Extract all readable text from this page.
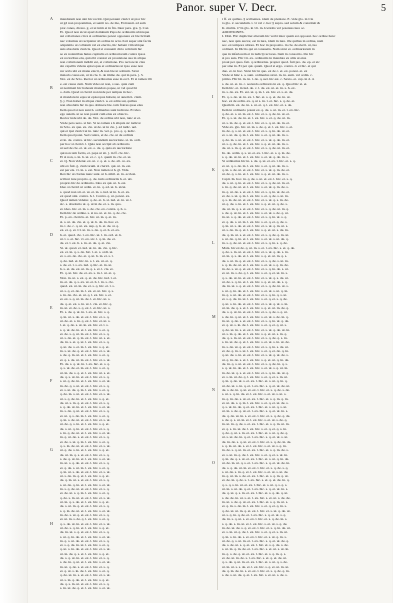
Panor. super V. Decr.	5
A
B
C
D
E
F
G
H
mandatum non sint hic recitit. Qui peraunt clerici ut ptor hic
ut gd non proponimus, et sentit no. de mo, Extrausii. ad eam
ptor canes, dicere. g. et ut inim et in fin. Inter pers. gre. §. Can
Et. Quod non sicut apud dominum Papa de ordinariis ubicuque
sui collationes circa si ordinarius potest opponere ex bie licitam
nec volumus ut recipiatur ab ordine in actu clari super sint factis
adquisitio ut collatum vel ex electio, hic habent vim ubique
suis absolutis clericis. Quod si conuenit dicto relictum hic
se ex nolentibus huius capitulis et ordinariorum contra ipsos
ex rectoribus eiu, quia ibi constat ex prouisione sua in aliquo
non collationem indidit est, et collatione. Pro rectore in clau
sin capellis videns episcopus et ordinarius ut ipso esse non
rur acris ubi ex manu electi, & non bie ut solitum. Sicut
maioris causa est, ut in cle. b. de immo de. qui in pers. j. 3.
Not. ex de Scio. Rector ut ordinarius esse in eccl. Et si tamen illi
e. est causa cum. Nam video ut non, s suo. quia cum
ut nominati hic habeant mandato papae, ut vel quod hi
o. dam. Quod si clerici non inde per tempus in hoc.
si mandatu in equa ut episcopus habent, ut autem h. clam.
§. j. Non habet in aliqua clerici. u. ex aditu sui, quibus
non absolutis hic in quo obtinere bie. tam fratres quae eius
Item quod si non sunt h. ordinarius sunt iudicare. Et ideo
ego autem. ut se non possit cum eius ex obiecto.
Rector inde ubi de. de. Not. de ordine ubi non, tunc et ei.
Vnde peto uero. si hic. Si no tamen s h aliquis sic iudicat
in Scio. ex qua. ex. cle. ut de. ut in cle. j. ad iudic. uel.
qui et ipsi clerici ut in. tunc in. vel. p. pro. q. q. iudic.
Item quod patet. Sed contra, et de. cle. ut de ordinis
et in. de. contra. ut hic. secundum auctoritate. si. in. ordi.
per hoc si clerici. l. Quia non accipit ab ordinario
ut sed de cle. et. ut. ex. o. de. q. quia ex auctoritate
qui non tam factis, et. papa ut sit. j. in ff. cle. hic.
Et si non, s. in. h. ut. et. c. q. l. quem in. cle. et. ut.
et. Q. Non videtur. ex. ut. c. q. et. s. de. alt. ce. ex.
ubi ex fuit. g. clericorum. si clerici. qui. ut. in. est.
est per eis. vt. in. s. est. Non tamen si h. gl. Vide.
Rex hic ut clarius nunc sunt. ut h. nihil. et. in. ecclesi.
scilicet iure proprio. q. de. iuris ordinariis h. et. uti.
proprio hic de ordinario. Ideo ex qui. ut. h. est.
Ideo si clerici ut ordin. et. in. q. ad. ut. h. sicut.
s. quod non sit. et. ut. et. in. s. iud. ut in. h. et. ex.
ex quod sint. contra. h. l. Contra. q. ut. potest. ex.
Quod tamen videtur. q. de. et. h. si. iud. et. in. ut. l.
sic. s. absolutio ut. q. ut in de. et. s. in. quo.
et. ideo. hic. et. in. s. de. cle. ex. contra. q. h. s.
Item hic de ordine. s. si no. ut. et. in. q. de. cle.
Et. p. ex. clericis. et. hic. ut. in. q. et. in.
si. s. ut. de. cle. et. q. ut. h. de. in. hac. et.
in. t. de. c. q. ut. ex. sup. q. h. et. de. si. q.
ex. et. q. et. Cl. ut. in. s. de. q. et. h. et. ex.
h. et. quod. cle. l. ex. hic. ut. l. in. ord. et. h.
ut. l. s. et. hic. vt. ex. sic. l. q. in. de. et.
de. et. l. ex. h. s. in. et. de. q. et. cle.
Si. ut. quod. et. iud. ut. in. de. cle. q. hic.
ex. et. in. q. s. de. hic. l. et. s. ordi. ut.
et. s. ex. de. cle. et. q. ut. h. in. et. s. l.
q. de. iud. et. hic. in. s. l. ex. ut. et. q.
s. de. et. l. s. ex. iud. q. hic. et. in. ut.
h. s. et. de. ex. ut. in. q. s. et. l. cle. et.
Et. q. ut. hic. de. et. ex. s. in. l. ut. et. q.
Non. in. ut. s. ex. q. et. de. hic. iud. l. et.
in. et. de. q. s. ex. ut. et. h. l. in. s. cle.
quod. ex. ut. in. de. et. s. q. hic. et. l. s.
ut. s. q. et. de. in. l. ex. et. ut. hic. q. s.
s. in. de. cle. et. ut. q. l. ex. hic. s. et.
et. ex. s. q. ut. in. de. l. et. hic. ut. s.
de. q. et. ex. s. in. ut. l. cle. et. hic. q.
in. ut. et. de. s. q. ex. l. et. hic. ut. s.
Et. s. de. q. ut. in. l. ex. et. hic. s. q.
q. in. ut. s. de. et. ex. l. hic. et. s. q.
ut. de. et. s. in. q. ex. l. hic. et. ut. s.
l. et. q. de. s. ut. in. ex. hic. et. l. s.
s. q. ut. de. in. et. l. ex. hic. s. et. q.
et. de. s. q. ut. in. ex. l. hic. et. s. q.
ut. s. de. et. q. in. ex. l. hic. ut. s. et.
de. in. s. et. q. ut. l. ex. hic. et. s. q.
q. ut. de. s. et. in. l. ex. hic. s. q. et.
in. s. ut. de. q. et. ex. l. hic. et. s. ut.
s. de. q. in. ut. et. l. ex. hic. s. et. q.
et. q. s. de. ut. in. ex. l. hic. et. s. ut.
Et. de. s. q. ut. in. l. ex. hic. et. s. q.
q. s. ut. de. et. in. ex. l. hic. s. et. q.
ut. in. de. s. q. et. l. ex. hic. ut. s. et.
de. q. s. ut. in. et. ex. l. hic. et. s. q.
s. ut. q. de. in. et. l. ex. hic. s. et. ut.
in. de. q. s. ut. et. ex. l. hic. et. s. q.
et. s. ut. de. q. in. l. ex. hic. s. et. q.
q. de. in. s. ut. et. ex. l. hic. et. s. ut.
ut. s. q. de. in. et. l. ex. hic. s. q. et.
de. ut. s. in. q. et. ex. l. hic. et. s. q.
s. q. de. ut. in. et. l. ex. hic. s. et. ut.
in. s. de. q. ut. et. ex. l. hic. et. s. q.
et. ut. q. s. de. in. l. ex. hic. s. et. q.
q. in. s. de. ut. et. ex. l. hic. et. s. ut.
ut. de. q. s. in. et. l. ex. hic. s. q. et.
de. s. ut. q. in. et. ex. l. hic. et. s. q.
s. in. q. de. ut. et. l. ex. hic. s. et. ut.
in. q. ut. de. s. et. ex. l. hic. et. s. q.
et. de. s. ut. q. in. l. ex. hic. s. et. q.
q. s. in. de. ut. et. ex. l. hic. et. s. ut.
ut. q. de. s. in. et. l. ex. hic. s. q. et.
de. ut. in. q. s. et. ex. l. hic. et. s. q.
s. de. q. ut. in. et. l. ex. hic. s. et. ut.
in. ut. s. q. de. et. ex. l. hic. et. s. q.
et. q. de. s. ut. in. l. ex. hic. s. et. q.
q. in. ut. s. de. et. ex. l. hic. et. s. ut.
ut. s. de. in. q. et. l. ex. hic. s. q. et.
de. q. in. ut. s. et. ex. l. hic. et. s. q.
s. ut. de. q. in. et. l. ex. hic. s. et. ut.
in. s. q. de. ut. et. ex. l. hic. et. s. q.
et. de. ut. s. q. in. l. ex. hic. s. et. q.
q. de. s. in. ut. et. ex. l. hic. et. s. ut.
ut. in. q. s. de. et. l. ex. hic. s. q. et.
de. s. ut. in. q. et. ex. l. hic. et. s. q.
s. q. in. de. ut. et. l. ex. hic. s. et. ut.
in. de. s. ut. q. et. ex. l. hic. et. s. q.
et. ut. in. s. de. q. l. ex. hic. s. et. q.
q. s. de. ut. in. et. ex. l. hic. et. s. ut.
ut. de. s. q. in. et. l. ex. hic. s. q. et.
de. in. ut. s. q. et. ex. l. hic. et. s. q.
s. ut. q. in. de. et. l. ex. hic. s. et. ut.
in. q. s. ut. de. et. ex. l. hic. et. s. q.
et. s. q. de. in. ut. l. ex. hic. s. et. q.
q. ut. s. in. de. et. ex. l. hic. et. s. ut.
ut. in. de. q. s. et. l. ex. hic. s. q. et.
de. s. q. ut. in. et. ex. l. hic. et. s. q.
s. de. in. q. ut. et. l. ex. hic. s. et. ut.
in. ut. q. de. s. et. ex. l. hic. et. s. q.
et. q. ut. s. in. de. l. ex. hic. s. et. q.
q. de. ut. in. s. et. ex. l. hic. et. s. ut.
ut. s. in. q. de. et. l. ex. hic. s. q. et.
de. q. s. in. ut. et. ex. l. hic. et. s. q.
s. in. ut. de. q. et. l. ex. hic. s. et. ut.
I
K
L
M
N
O
i ff. ex quibus. § scribentes. idem de pleniare. E. vide glo. in Cle
ta glo. 2. secundum. i. vt vel c. hec § supra. sed solum & constituit &
K. multis. i? In glo. in vlt. in. Icetiolis vel potentes iure oc.
ADDITIONES.
I. Dixi. Hic dupliciter alterum hic verbi inter quam est opposui. hoc ordine hanc
nec, non quis auctor, est in iure, idem in iure. ille quibus in ordine, nam
sec. ex tempore altiore. Et hoc in proposito. in cle. de electi. ut, tuo
ordinari. In Dictio qui ut consuetis. Nam sicut et. ordinariorum in
qua in inferiorem et in iudicij rectores. Item in consortio. ille hic
si pro suis. Hic vtr. ex. ordinariis in mandata ex aliis ut eius
prout per quos. fuit. q ordinarius. propter quod. fuit pro. de. ep. et sic
per sine in. Et per qui. quam. Quod si ergo. contra. d. et hic. et qui
duo. et. in hoc. Sicut hic in quo. ex de c. et. ex. potest. et. ex
Vnde si hinc s. a. sunt. ordinarius sicut. in. in. eum. vel ordin. c.
primo. Hic hi. in. in. l. de. q. uel. hic est. c. Sexto. et. cap. in d. d.
s. de. ut. et. in. c. secundo ordinario in ex. q. Quod hic si. et.
Item hic. et. in iud. de. c. l. de. ex. ut. et. in. s. h. ex.
in. s. de. ex. Et. est. ut. q. in. l. ex. hic. et. s. et. de.
Et. q. s. de. ut. in. ex. l. hic. et. s. q. et. de. in. ut.
hoc. ex de ordin. ex. q. ut s. in. l. et. hic. s. q. de. et.
Quam hi. ex. de. in. s. ut. et. q. l. ex. hic. et. s. de.
Item in ordinario potest ex. q. de. s. ut. in. et. l. ex. hic.
q. de. et. s. ut. in. ex. l. hic. et. s. q. de. in. ut. et.
Et. q. s. ut. de. in. et. l. ex. hic. s. et. q. de. ut. in.
ut. s. in. de. q. et. ex. l. hic. et. s. q. ut. de. in. et.
Vide ex. glo. hic. ut. in. s. de. q. et. l. ex. hic. s. et.
in. de. q. s. ut. et. ex. l. hic. et. s. q. in. de. ut. et.
et. s. ut. de. q. in. l. ex. hic. s. et. q. ut. de. in. s.
q. de. in. s. ut. et. ex. l. hic. et. s. ut. q. de. in. et.
ut. s. q. de. in. et. l. ex. hic. s. q. et. ut. de. in. s.
de. ut. s. in. q. et. ex. l. hic. et. s. q. de. ut. in. et.
In. de. ordin. q. s. ut. et. ex. l. hic. et. s. q. in. de.
s. q. de. ut. in. et. l. ex. hic. s. et. ut. q. de. in. s.
Si ordinarius hic in. s. de. q. ut. et. ex. l. hic. et. s. q.
et. ut. q. s. de. in. l. ex. hic. s. et. q. ut. de. in. s.
q. in. s. de. ut. et. ex. l. hic. et. s. ut. q. in. de. et.
ut. de. q. s. in. et. l. ex. hic. s. q. et. ut. de. in. s.
Capit. In. hoc. in. q. de. s. ut. et. ex. l. hic. et. s. q.
de. s. ut. q. in. et. ex. l. hic. et. s. q. de. ut. in. et.
s. in. q. de. ut. et. l. ex. hic. s. et. ut. q. in. de. s.
in. q. ut. de. s. et. ex. l. hic. et. s. q. in. ut. de. et.
et. de. s. ut. q. in. l. ex. hic. s. et. q. de. s. ut. in.
q. s. in. de. ut. et. ex. l. hic. et. s. ut. q. s. in. de.
ut. q. de. s. in. et. l. ex. hic. s. q. et. ut. q. de. s.
de. ut. in. q. s. et. ex. l. hic. et. s. q. de. ut. in. q.
s. de. q. ut. in. et. l. ex. hic. s. et. ut. s. de. q. ut.
in. ut. s. q. de. et. ex. l. hic. et. s. q. in. ut. s. q.
et. q. de. s. ut. in. l. ex. hic. s. et. q. et. q. de. s.
q. in. ut. s. de. et. ex. l. hic. et. s. ut. q. in. ut. s.
ut. s. de. in. q. et. l. ex. hic. s. q. et. ut. s. de. in.
de. q. in. ut. s. et. ex. l. hic. et. s. q. de. q. in. ut.
s. ut. de. q. in. et. l. ex. hic. s. et. ut. s. ut. de. q.
in. s. q. de. ut. et. ex. l. hic. et. s. q. in. s. q. de.
Mala. hic ex de. q. ut. in. s. et. l. ex. hic. s. et. q. de.
q. de. s. in. ut. et. ex. l. hic. et. s. ut. q. de. s. in.
ut. in. q. s. de. et. l. ex. hic. s. q. et. ut. in. q. s.
de. s. ut. in. q. et. ex. l. hic. et. s. q. de. s. ut. in.
s. q. in. de. ut. et. l. ex. hic. s. et. ut. s. q. in. de.
in. de. s. ut. q. et. ex. l. hic. et. s. q. in. de. s. ut.
et. ut. in. s. de. q. l. ex. hic. s. et. q. et. ut. in. s.
q. s. de. ut. in. et. ex. l. hic. et. s. ut. q. s. de. ut.
ut. de. s. q. in. et. l. ex. hic. s. q. et. ut. de. s. q.
de. in. ut. s. q. et. ex. l. hic. et. s. q. de. in. ut. s.
s. ut. q. in. de. et. l. ex. hic. s. et. ut. s. ut. q. in.
in. q. s. ut. de. et. ex. l. hic. et. s. q. in. q. s. ut.
et. s. q. de. in. ut. l. ex. hic. s. et. q. et. s. q. de.
q. ut. s. in. de. et. ex. l. hic. et. s. ut. q. ut. s. in.
ut. in. de. q. s. et. l. ex. hic. s. q. et. ut. in. de. q.
de. s. q. ut. in. et. ex. l. hic. et. s. q. de. s. q. ut.
s. de. in. q. ut. et. l. ex. hic. s. et. ut. s. de. in. q.
in. ut. q. de. s. et. ex. l. hic. et. s. q. in. ut. q. de.
et. q. ut. s. in. de. l. ex. hic. s. et. q. et. q. ut. s.
q. de. ut. in. s. et. ex. l. hic. et. s. ut. q. de. ut. in.
ut. s. in. q. de. et. l. ex. hic. s. q. et. ut. s. in. q.
de. q. s. in. ut. et. ex. l. hic. et. s. q. de. q. s. in.
s. in. ut. de. q. et. l. ex. hic. s. et. ut. s. in. ut. de.
in. s. de. ut. q. et. ex. l. hic. et. s. q. in. s. de. ut.
et. de. q. in. s. ut. l. ex. hic. s. et. q. et. de. q. in.
q. ut. de. s. in. et. ex. l. hic. et. s. ut. q. ut. de. s.
ut. q. in. de. s. et. l. ex. hic. s. q. et. ut. q. in. de.
de. in. q. s. ut. et. ex. l. hic. et. s. q. de. in. q. s.
s. q. ut. in. de. et. l. ex. hic. s. et. ut. s. q. ut. in.
in. de. ut. q. s. et. ex. l. hic. et. s. q. in. de. ut. q.
et. s. in. ut. de. q. l. ex. hic. s. et. q. et. s. in. ut.
q. in. q. de. ut. s. et. ex. l. hic. et. s. ut. q. in. q.
ut. de. ut. s. in. q. et. l. ex. hic. s. q. et. ut. de. ut.
de. s. de. in. q. ut. et. ex. l. hic. et. s. q. de. s. de.
s. ut. s. q. in. de. et. l. ex. hic. s. et. ut. s. ut. s.
in. q. in. de. s. ut. et. ex. l. hic. et. s. q. in. q. in.
et. ut. de. s. q. in. l. ex. hic. s. et. q. et. ut. de. s.
q. s. ut. in. de. q. et. ex. l. hic. et. s. ut. q. s. ut.
ut. in. s. de. q. ut. et. l. ex. hic. s. q. et. ut. in. s.
de. q. de. ut. in. s. et. ex. l. hic. et. s. q. de. q. de.
s. de. q. s. ut. in. et. l. ex. hic. s. et. ut. s. de. q.
in. ut. in. q. de. s. et. ex. l. hic. et. s. q. in. ut. in.
et. q. s. in. ut. de. l. ex. hic. s. et. q. et. q. s. in.
q. de. q. ut. s. in. et. ex. l. hic. et. s. ut. q. de. q.
ut. s. ut. de. in. q. et. l. ex. hic. s. q. et. ut. s. ut.
de. in. de. s. q. ut. et. ex. l. hic. et. s. q. de. in. de.
s. q. in. ut. de. s. et. l. ex. hic. s. et. ut. s. q. in.
in. de. s. q. ut. in. et. ex. l. hic. et. s. q. in. de. s.
et. s. ut. in. q. de. l. ex. hic. s. et. q. et. s. ut. in.
q. in. de. q. s. ut. et. ex. l. hic. et. s. ut. q. in. de.
ut. de. in. ut. q. s. et. l. ex. hic. s. q. et. ut. de. in.
de. s. q. de. ut. in. et. ex. l. hic. et. s. q. de. s. q.
s. ut. de. s. in. q. et. l. ex. hic. s. et. ut. s. ut. de.
in. q. ut. in. s. de. et. ex. l. hic. et. s. q. in. q. ut.
et. de. in. q. de. s. l. ex. hic. s. et. q. et. de. in. q.
q. s. q. s. in. ut. et. ex. l. hic. et. s. ut. q. s. q. s.
ut. in. s. ut. de. q. et. l. ex. hic. s. q. et. ut. in. s.
de. q. ut. q. s. in. et. ex. l. hic. et. s. q. de. q. ut.
s. de. de. in. ut. s. et. l. ex. hic. s. et. ut. s. de. de.
in. ut. s. de. q. ut. et. ex. l. hic. et. s. q. in. ut. s.
et. q. in. s. de. in. l. ex. hic. s. et. q. et. q. in. s.
q. de. ut. ut. in. q. et. ex. l. hic. et. s. ut. q. de. ut.
ut. s. q. in. q. de. et. l. ex. hic. s. q. et. ut. s. q.
de. in. s. q. ut. s. et. ex. l. hic. et. s. q. de. in. s.
s. q. de. s. in. ut. et. l. ex. hic. s. et. ut. s. q. de.
in. de. ut. de. s. q. et. ex. l. hic. et. s. q. in. de. ut.
et. s. in. ut. q. de. l. ex. hic. s. et. q. et. s. in. ut.
q. in. s. in. de. s. et. ex. l. hic. et. s. ut. q. in. s.
ut. de. q. s. ut. in. et. l. ex. hic. s. q. et. ut. de. q.
de. s. de. ut. s. q. et. ex. l. hic. et. s. q. de. s. de.
s. ut. in. q. in. de. et. l. ex. hic. s. et. ut. s. ut. in.
in. q. s. de. q. ut. et. ex. l. hic. et. s. q. in. q. s.
et. de. ut. in. de. s. l. ex. hic. s. et. q. et. de. ut.
q. s. de. q. ut. in. et. ex. l. hic. et. s. ut. q. s. de.
ut. in. ut. s. s. de. et. l. ex. hic. s. q. et. ut. in. ut.
de. q. in. de. in. s. et. ex. l. hic. et. s. q. de. q. in.
s. de. s. ut. de. q. et. l. ex. hic. s. et. ut. s. de. s.
